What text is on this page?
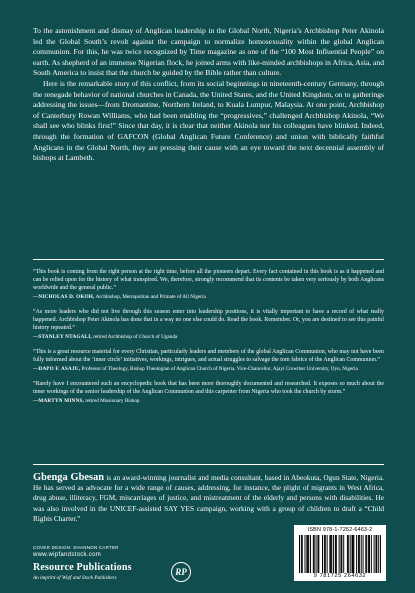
To the astonishment and dismay of Anglican leadership in the Global North, Nigeria’s Archbishop Peter Akinola led the Global South’s revolt against the campaign to normalize homosexuality within the global Anglican communion. For this, he was twice recognized by Time magazine as one of the “100 Most Influential People” on earth. As shepherd of an immense Nigerian flock, he joined arms with like-minded archbishops in Africa, Asia, and South America to insist that the church be guided by the Bible rather than culture.

Here is the remarkable story of this conflict, from its social beginnings in nineteenth-century Germany, through the renegade behavior of national churches in Canada, the United States, and the United Kingdom, on to gatherings addressing the issues—from Dromantine, Northern Ireland, to Kuala Lumpur, Malaysia. At one point, Archbishop of Canterbury Rowan Williams, who had been enabling the “progressives,” challenged Archbishop Akinola, “We shall see who blinks first!” Since that day, it is clear that neither Akinola nor his colleagues have blinked. Indeed, through the formation of GAFCON (Global Anglican Future Conference) and union with biblically faithful Anglicans in the Global North, they are pressing their cause with an eye toward the next decennial assembly of bishops at Lambeth.

“This book is coming from the right person at the right time, before all the pioneers depart. Every fact contained in this book is as it happened and can be relied upon for the history of what transpired. We, therefore, strongly recommend that its contents be taken very seriously by both Anglicans worldwide and the general public.”
—NICHOLAS D. OKOH, Archbishop, Metropolitan and Primate of All Nigeria
“As more leaders who did not live through this season enter into leadership positions, it is vitally important to have a record of what really happened. Archbishop Peter Akinola has done that in a way no one else could do. Read the book. Remember. Or, you are destined to see this painful history repeated.”
—STANLEY NTAGALI, retired Archbishop of Church of Uganda
“This is a great resource material for every Christian, particularly leaders and members of the global Anglican Communion, who may not have been fully informed about the ‘inner circle’ initiatives, workings, intrigues, and actual struggles to salvage the torn fabrics of the Anglican Communion.”
—DAPO F. ASAJU, Professor of Theology, Bishop Theologian of Anglican Church of Nigeria, Vice-Chancellor, Ajayi Crowther University, Oyo, Nigeria
“Rarely have I encountered such an encyclopedic book that has been more thoroughly documented and researched. It exposes so much about the inner workings of the senior leadership of the Anglican Communion and this carpenter from Nigeria who took the church by storm.”
—MARTYN MINNS, retired Missionary Bishop
Gbenga Gbesan is an award-winning journalist and media consultant, based in Abeokuta, Ogun State, Nigeria. He has served as advocate for a wide range of causes, addressing, for instance, the plight of migrants in West Africa, drug abuse, illiteracy, FGM, miscarriages of justice, and mistreatment of the elderly and persons with disabilities. He was also involved in the UNICEF-assisted SAY YES campaign, working with a group of children to draft a “Child Rights Charter.”
COVER DESIGN: SHANNON CARTER
www.wipfandstock.com
Resource Publications
An imprint of Wipf and Stock Publishers
RP
ISBN 978-1-7252-6463-2
9 781725 264632
